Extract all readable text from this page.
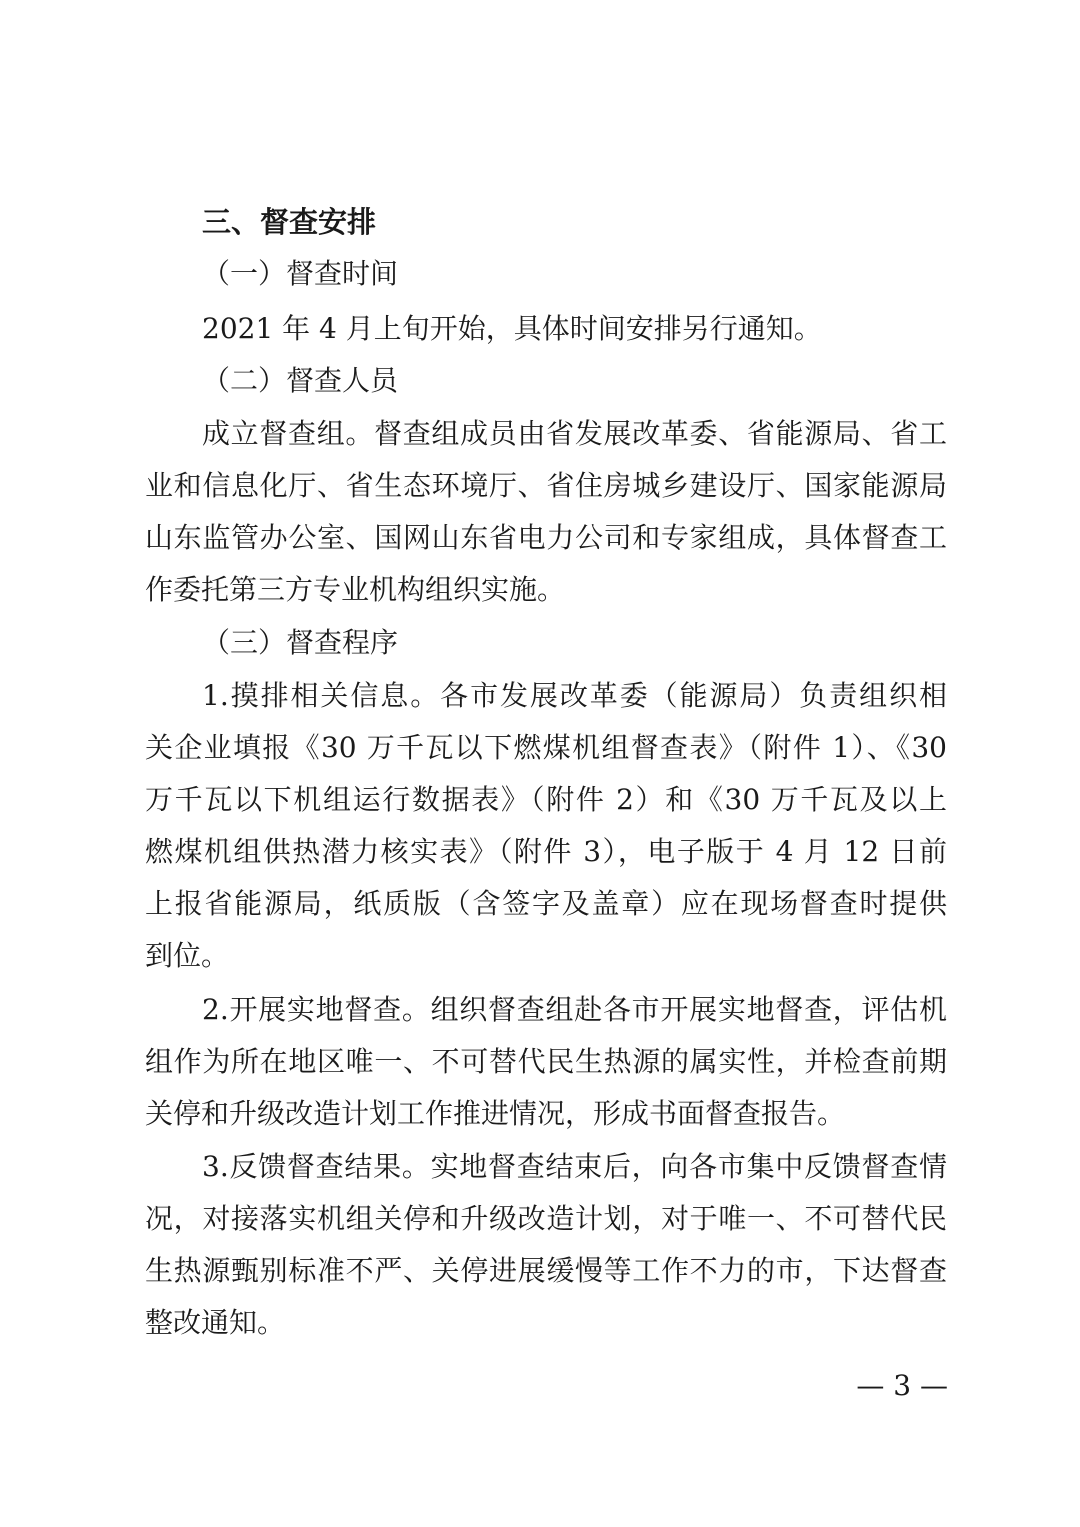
三、督查安排
（一）督查时间
2021 年 4 月上旬开始，具体时间安排另行通知。
（二）督查人员
成立督查组。督查组成员由省发展改革委、省能源局、省工
业和信息化厅、省生态环境厅、省住房城乡建设厅、国家能源局
山东监管办公室、国网山东省电力公司和专家组成，具体督查工
作委托第三方专业机构组织实施。
（三）督查程序
1.摸排相关信息。各市发展改革委（能源局）负责组织相
关企业填报《30 万千瓦以下燃煤机组督查表》（附件 1）、《30
万千瓦以下机组运行数据表》（附件 2）和《30 万千瓦及以上
燃煤机组供热潜力核实表》（附件 3），电子版于 4 月 12 日前
上报省能源局，纸质版（含签字及盖章）应在现场督查时提供
到位。
2.开展实地督查。组织督查组赴各市开展实地督查，评估机
组作为所在地区唯一、不可替代民生热源的属实性，并检查前期
关停和升级改造计划工作推进情况，形成书面督查报告。
3.反馈督查结果。实地督查结束后，向各市集中反馈督查情
况，对接落实机组关停和升级改造计划，对于唯一、不可替代民
生热源甄别标准不严、关停进展缓慢等工作不力的市，下达督查
整改通知。
— 3 —
